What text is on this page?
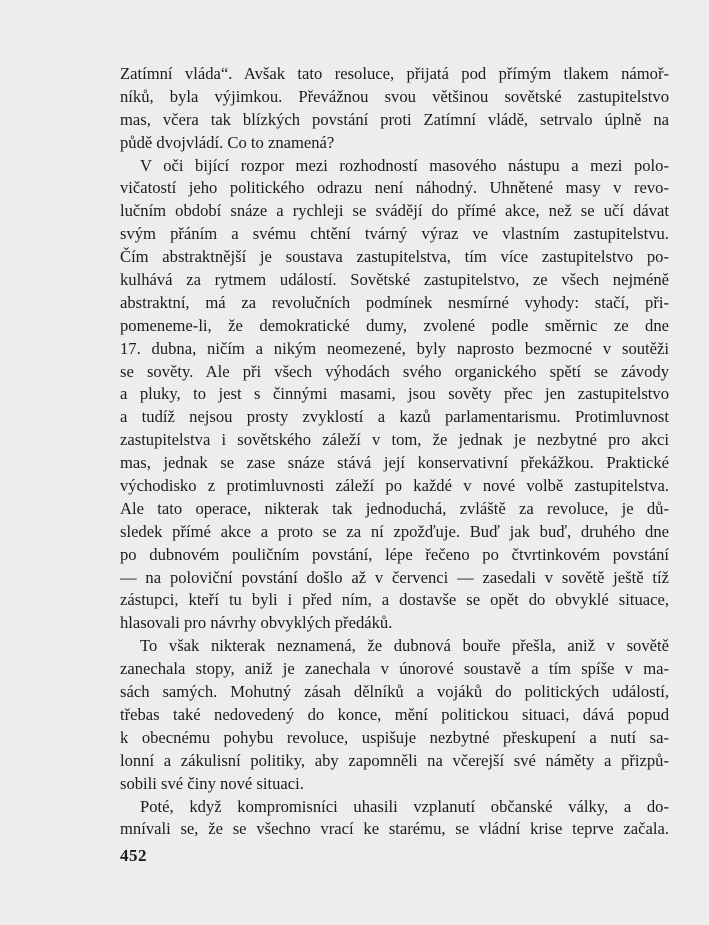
Zatímní vláda“. Avšak tato resoluce, přijatá pod přímým tlakem námoř-
níků, byla výjimkou. Převážnou svou většinou sovětské zastupitelstvo
mas, včera tak blízkých povstání proti Zatímní vládě, setrvalo úplně na
půdě dvojvládí. Co to znamená?
V oči bijící rozpor mezi rozhodností masového nástupu a mezi polo-
vičatostí jeho politického odrazu není náhodný. Uhnětené masy v revo-
lučním období snáze a rychleji se svádějí do přímé akce, než se učí dávat
svým přáním a svému chtění tvárný výraz ve vlastním zastupitelstvu.
Čím abstraktnější je soustava zastupitelstva, tím více zastupitelstvo po-
kulhává za rytmem událostí. Sovětské zastupitelstvo, ze všech nejméně
abstraktní, má za revolučních podmínek nesmírné vyhody: stačí, při-
pomeneme-li, že demokratické dumy, zvolené podle směrnic ze dne
17. dubna, ničím a nikým neomezené, byly naprosto bezmocné v soutěži
se sověty. Ale při všech výhodách svého organického spětí se závody
a pluky, to jest s činnými masami, jsou sověty přec jen zastupitelstvo
a tudíž nejsou prosty zvyklostí a kazů parlamentarismu. Protimluvnost
zastupitelstva i sovětského záleží v tom, že jednak je nezbytné pro akci
mas, jednak se zase snáze stává její konservativní překážkou. Praktické
východisko z protimluvnosti záleží po každé v nové volbě zastupitelstva.
Ale tato operace, nikterak tak jednoduchá, zvláště za revoluce, je dů-
sledek přímé akce a proto se za ní zpožďuje. Buď jak buď, druhého dne
po dubnovém pouličním povstání, lépe řečeno po čtvrtinkovém povstání
— na poloviční povstání došlo až v červenci — zasedali v sovětě ještě tíž
zástupci, kteří tu byli i před ním, a dostavše se opět do obvyklé situace,
hlasovali pro návrhy obvyklých předáků.
To však nikterak neznamená, že dubnová bouře přešla, aniž v sovětě
zanechala stopy, aniž je zanechala v únorové soustavě a tím spíše v ma-
sách samých. Mohutný zásah dělníků a vojáků do politických událostí,
třebas také nedovedený do konce, mění politickou situaci, dává popud
k obecnému pohybu revoluce, uspišuje nezbytné přeskupení a nutí sa-
lonní a zákulisní politiky, aby zapomněli na včerejší své náměty a přizpů-
sobili své činy nové situaci.
Poté, když kompromisníci uhasili vzplanutí občanské války, a do-
mnívali se, že se všechno vrací ke starému, se vládní krise teprve začala.
452
